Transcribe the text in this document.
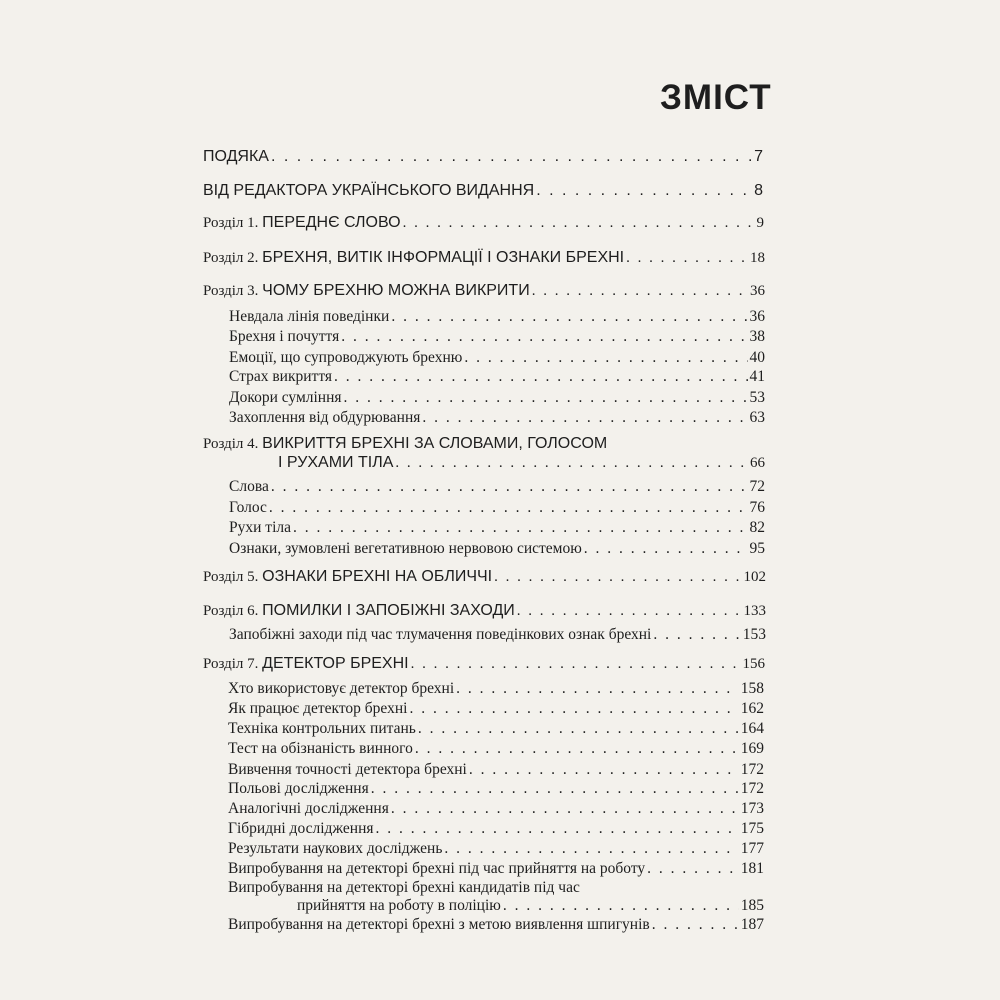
ЗМІСТ
ПОДЯКА . . .	7
ВІД РЕДАКТОРА УКРАЇНСЬКОГО ВИДАННЯ . . .	8
Розділ 1. ПЕРЕДНЄ СЛОВО . . .	9
Розділ 2. БРЕХНЯ, ВИТІК ІНФОРМАЦІЇ І ОЗНАКИ БРЕХНІ . . .	18
Розділ 3. ЧОМУ БРЕХНЮ МОЖНА ВИКРИТИ . . .	36
Невдала лінія поведінки . . .	36
Брехня і почуття . . .	38
Емоції, що супроводжують брехню . . .	40
Страх викриття . . .	41
Докори сумління . . .	53
Захоплення від обдурювання . . .	63
Розділ 4. ВИКРИТТЯ БРЕХНІ ЗА СЛОВАМИ, ГОЛОСОМ
І РУХАМИ ТІЛА . . .	66
Слова . . .	72
Голос . . .	76
Рухи тіла . . .	82
Ознаки, зумовлені вегетативною нервовою системою . . .	95
Розділ 5. ОЗНАКИ БРЕХНІ НА ОБЛИЧЧІ . . .	102
Розділ 6. ПОМИЛКИ І ЗАПОБІЖНІ ЗАХОДИ . . .	133
Запобіжні заходи під час тлумачення поведінкових ознак брехні . . .	153
Розділ 7. ДЕТЕКТОР БРЕХНІ . . .	156
Хто використовує детектор брехні . . .	158
Як працює детектор брехні . . .	162
Техніка контрольних питань . . .	164
Тест на обізнаність винного . . .	169
Вивчення точності детектора брехні . . .	172
Польові дослідження . . .	172
Аналогічні дослідження . . .	173
Гібридні дослідження . . .	175
Результати наукових досліджень . . .	177
Випробування на детекторі брехні під час прийняття на роботу . . .	181
Випробування на детекторі брехні кандидатів під час
прийняття на роботу в поліцію . . .	185
Випробування на детекторі брехні з метою виявлення шпигунів . . .	187
